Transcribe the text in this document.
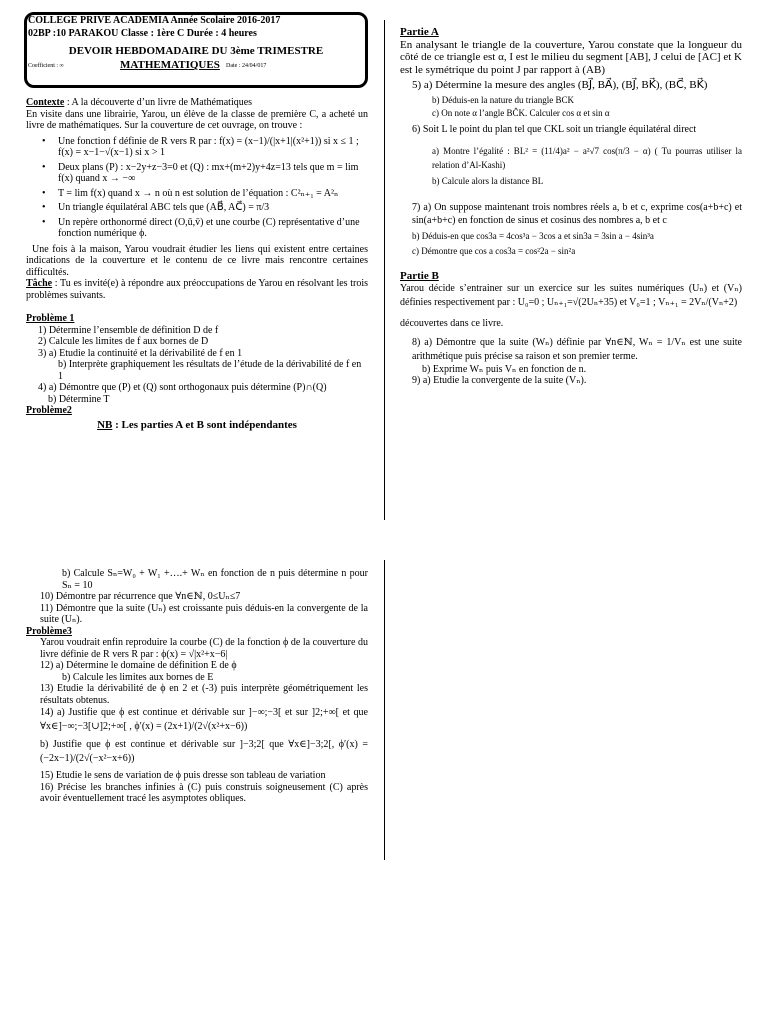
COLLEGE PRIVE ACADEMIA Année Scolaire 2016-2017
02BP :10 PARAKOU Classe : 1ère C Durée : 4 heures
DEVOIR HEBDOMADAIRE DU 3ème TRIMESTRE
MATHEMATIQUES
Coefficient : ∞	Date : 24/04/017

Contexte : A la découverte d’un livre de Mathématiques

En visite dans une librairie, Yarou, un élève de la classe de première C, a acheté un livre de mathématiques. Sur la couverture de cet ouvrage, on trouve :

•	Une fonction f définie de R vers R par : f(x) = (x−1)/(|x+1|(x²+1)) si x ≤ 1 ; f(x) = x−1−√(x−1) si x > 1
•	Deux plans (P) : x−2y+z−3=0 et (Q) : mx+(m+2)y+4z=13 tels que m = lim f(x) quand x → −∞
•	T = lim f(x) quand x → n où n est solution de l’équation : C²ₙ₊₁ = A²ₙ
•	Un triangle équilatéral ABC tels que (AB⃗, AC⃗) = π/3
•	Un repère orthonormé direct (O,ū,v̄) et une courbe (C) représentative d’une fonction numérique ϕ.

Une fois à la maison, Yarou voudrait étudier les liens qui existent entre certaines indications de la couverture et le contenu de ce livre mais rencontre certaines difficultés.

Tâche : Tu es invité(e) à répondre aux préoccupations de Yarou en résolvant les trois problèmes suivants.

Problème 1

1) Détermine l’ensemble de définition D de f

2) Calcule les limites de f aux bornes de D

3) a) Etudie la continuité et la dérivabilité de f en 1

b) Interprète graphiquement les résultats de l’étude de la dérivabilité de f en 1

4) a) Démontre que (P) et (Q) sont orthogonaux puis détermine (P)∩(Q)

b) Détermine T

Problème2

NB : Les parties A et B sont indépendantes

Partie A

En analysant le triangle de la couverture, Yarou constate que la longueur du côté de ce triangle est α, I est le milieu du segment [AB], J celui de [AC] et K est le symétrique du point J par rapport à (AB)

5) a) Détermine la mesure des angles (BJ⃗, BA⃗), (BJ⃗, BK⃗), (BC⃗, BK⃗)

b) Déduis-en la nature du triangle BCK

c) On note α l’angle BĈK. Calculer cos α et sin α

6) Soit L le point du plan tel que CKL soit un triangle équilatéral direct

a) Montre l’égalité : BL² = (11/4)a² − a²√7 cos(π/3 − α) ( Tu pourras utiliser la relation d’Al-Kashi)

b) Calcule alors la distance BL

7) a) On suppose maintenant trois nombres réels a, b et c, exprime cos(a+b+c) et sin(a+b+c) en fonction de sinus et cosinus des nombres a, b et c

b) Déduis-en que cos3a = 4cos³a − 3cos a et sin3a = 3sin a − 4sin³a

c) Démontre que cos a cos3a = cos²2a − sin²a

Partie B

Yarou décide s’entrainer sur un exercice sur les suites numériques (Uₙ) et (Vₙ) définies respectivement par : U₀=0 ; Uₙ₊₁=√(2Uₙ+35) et V₀=1 ; Vₙ₊₁ = 2Vₙ/(Vₙ+2)

découvertes dans ce livre.

8) a) Démontre que la suite (Wₙ) définie par ∀n∈ℕ, Wₙ = 1/Vₙ est une suite arithmétique puis précise sa raison et son premier terme.

b) Exprime Wₙ puis Vₙ en fonction de n.

9) a) Etudie la convergente de la suite (Vₙ).

b) Calcule Sₙ=W₀ + W₁ +….+ Wₙ en fonction de n puis détermine n pour Sₙ = 10

10) Démontre par récurrence que ∀n∈ℕ, 0≤Uₙ≤7

11) Démontre que la suite (Uₙ) est croissante puis déduis-en la convergente de la suite (Uₙ).

Problème3

Yarou voudrait enfin reproduire la courbe (C) de la fonction ϕ de la couverture du livre définie de R vers R par : ϕ(x) = √|x²+x−6|

12) a) Détermine le domaine de définition E de ϕ

b) Calcule les limites aux bornes de E

13) Etudie la dérivabilité de ϕ en 2 et (-3) puis interprète géométriquement les résultats obtenus.

14) a) Justifie que ϕ est continue et dérivable sur ]−∞;−3[ et sur ]2;+∞[ et que ∀x∈]−∞;−3[∪]2;+∞[ , ϕ′(x) = (2x+1)/(2√(x²+x−6))

b) Justifie que ϕ est continue et dérivable sur ]−3;2[ que ∀x∈]−3;2[, ϕ′(x) = (−2x−1)/(2√(−x²−x+6))

15) Etudie le sens de variation de ϕ puis dresse son tableau de variation

16) Précise les branches infinies à (C) puis construis soigneusement (C) après avoir éventuellement tracé les asymptotes obliques.
